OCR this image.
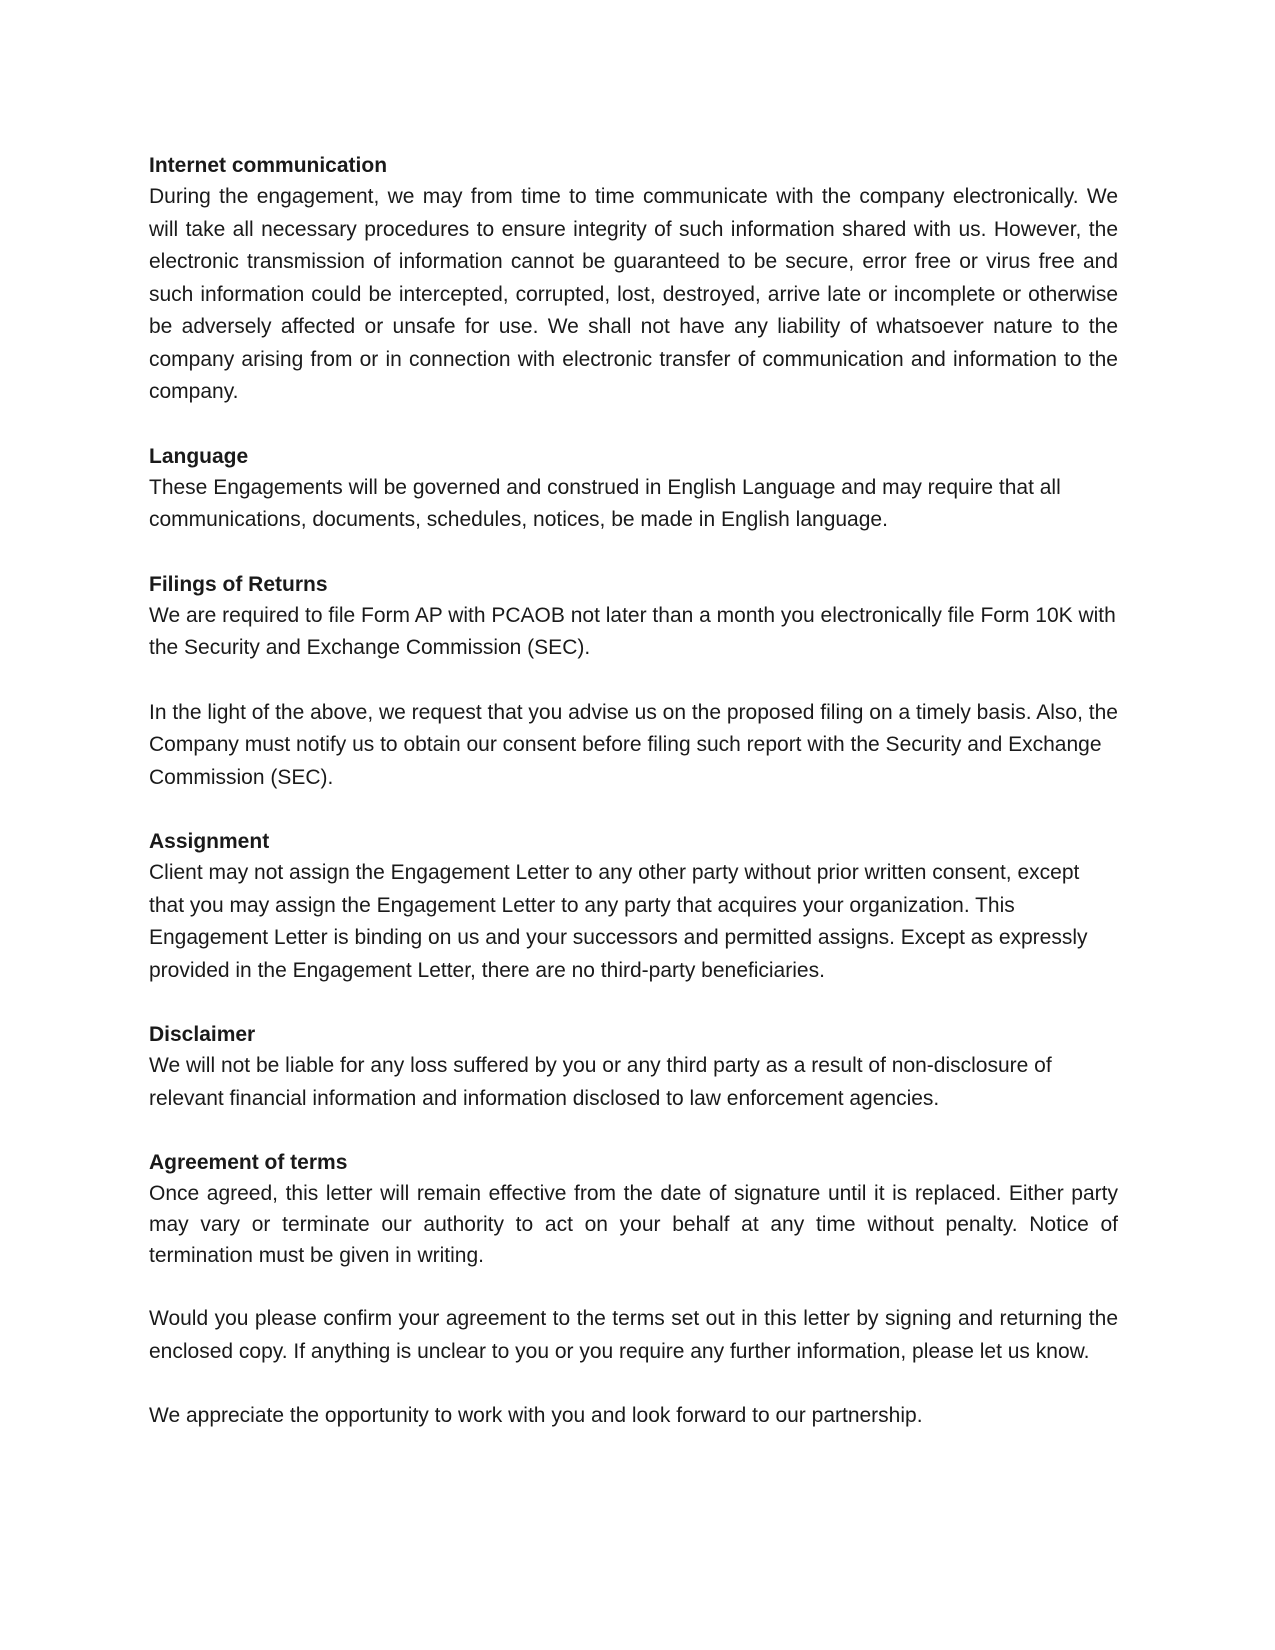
Internet communication

During the engagement, we may from time to time communicate with the company electronically. We will take all necessary procedures to ensure integrity of such information shared with us. However, the electronic transmission of information cannot be guaranteed to be secure, error free or virus free and such information could be intercepted, corrupted, lost, destroyed, arrive late or incomplete or otherwise be adversely affected or unsafe for use. We shall not have any liability of whatsoever nature to the company arising from or in connection with electronic transfer of communication and information to the company.

Language

These Engagements will be governed and construed in English Language and may require that all communications, documents, schedules, notices, be made in English language.

Filings of Returns

We are required to file Form AP with PCAOB not later than a month you electronically file Form 10K with the Security and Exchange Commission (SEC).

In the light of the above, we request that you advise us on the proposed filing on a timely basis. Also, the Company must notify us to obtain our consent before filing such report with the Security and Exchange Commission (SEC).

Assignment

Client may not assign the Engagement Letter to any other party without prior written consent, except that you may assign the Engagement Letter to any party that acquires your organization. This Engagement Letter is binding on us and your successors and permitted assigns. Except as expressly provided in the Engagement Letter, there are no third-party beneficiaries.

Disclaimer

We will not be liable for any loss suffered by you or any third party as a result of non-disclosure of relevant financial information and information disclosed to law enforcement agencies.

Agreement of terms

Once agreed, this letter will remain effective from the date of signature until it is replaced. Either party may vary or terminate our authority to act on your behalf at any time without penalty. Notice of termination must be given in writing.

Would you please confirm your agreement to the terms set out in this letter by signing and returning the enclosed copy. If anything is unclear to you or you require any further information, please let us know.

We appreciate the opportunity to work with you and look forward to our partnership.
